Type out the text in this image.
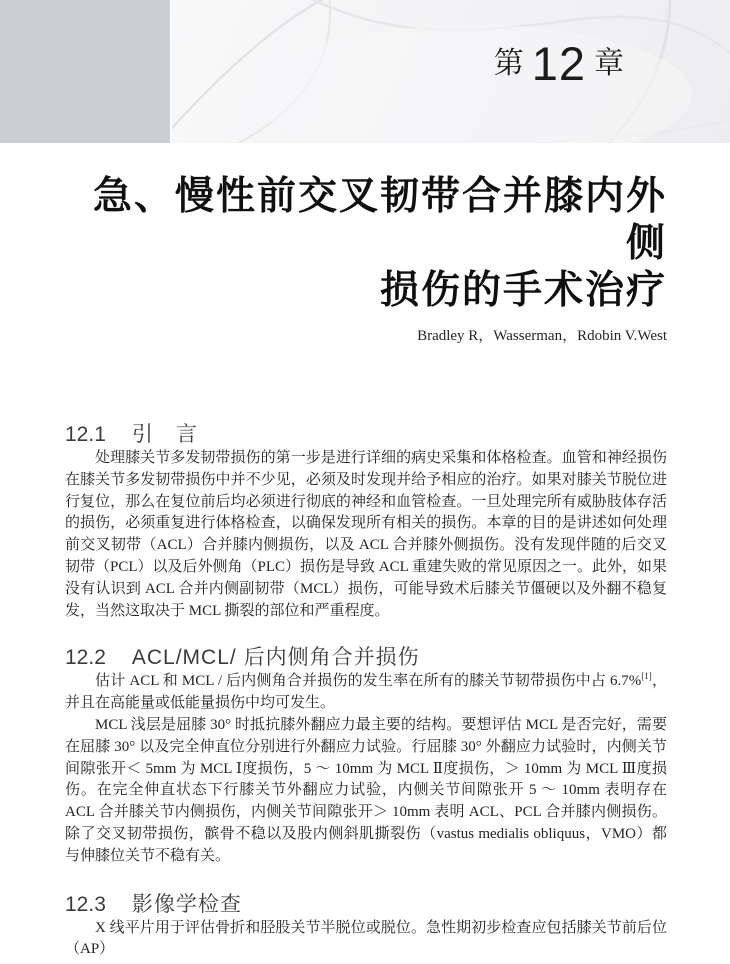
第 12 章
急、慢性前交叉韧带合并膝内外侧
损伤的手术治疗
Bradley R，Wasserman，Rdobin V.West
12.1 引　言

处理膝关节多发韧带损伤的第一步是进行详细的病史采集和体格检查。血管和神经损伤在膝关节多发韧带损伤中并不少见，必须及时发现并给予相应的治疗。如果对膝关节脱位进行复位，那么在复位前后均必须进行彻底的神经和血管检查。一旦处理完所有威胁肢体存活的损伤，必须重复进行体格检查，以确保发现所有相关的损伤。本章的目的是讲述如何处理前交叉韧带（ACL）合并膝内侧损伤，以及 ACL 合并膝外侧损伤。没有发现伴随的后交叉韧带（PCL）以及后外侧角（PLC）损伤是导致 ACL 重建失败的常见原因之一。此外，如果没有认识到 ACL 合并内侧副韧带（MCL）损伤，可能导致术后膝关节僵硬以及外翻不稳复发，当然这取决于 MCL 撕裂的部位和严重程度。

12.2 ACL/MCL/ 后内侧角合并损伤

估计 ACL 和 MCL / 后内侧角合并损伤的发生率在所有的膝关节韧带损伤中占 6.7%[1]，并且在高能量或低能量损伤中均可发生。

MCL 浅层是屈膝 30° 时抵抗膝外翻应力最主要的结构。要想评估 MCL 是否完好，需要在屈膝 30° 以及完全伸直位分别进行外翻应力试验。行屈膝 30° 外翻应力试验时，内侧关节间隙张开＜ 5mm 为 MCL Ⅰ度损伤，5 ～ 10mm 为 MCL Ⅱ度损伤，＞ 10mm 为 MCL Ⅲ度损伤。在完全伸直状态下行膝关节外翻应力试验，内侧关节间隙张开 5 ～ 10mm 表明存在 ACL 合并膝关节内侧损伤，内侧关节间隙张开＞ 10mm 表明 ACL、PCL 合并膝内侧损伤。除了交叉韧带损伤，髌骨不稳以及股内侧斜肌撕裂伤（vastus medialis obliquus，VMO）都与伸膝位关节不稳有关。

12.3 影像学检查

X 线平片用于评估骨折和胫股关节半脱位或脱位。急性期初步检查应包括膝关节前后位（AP）
